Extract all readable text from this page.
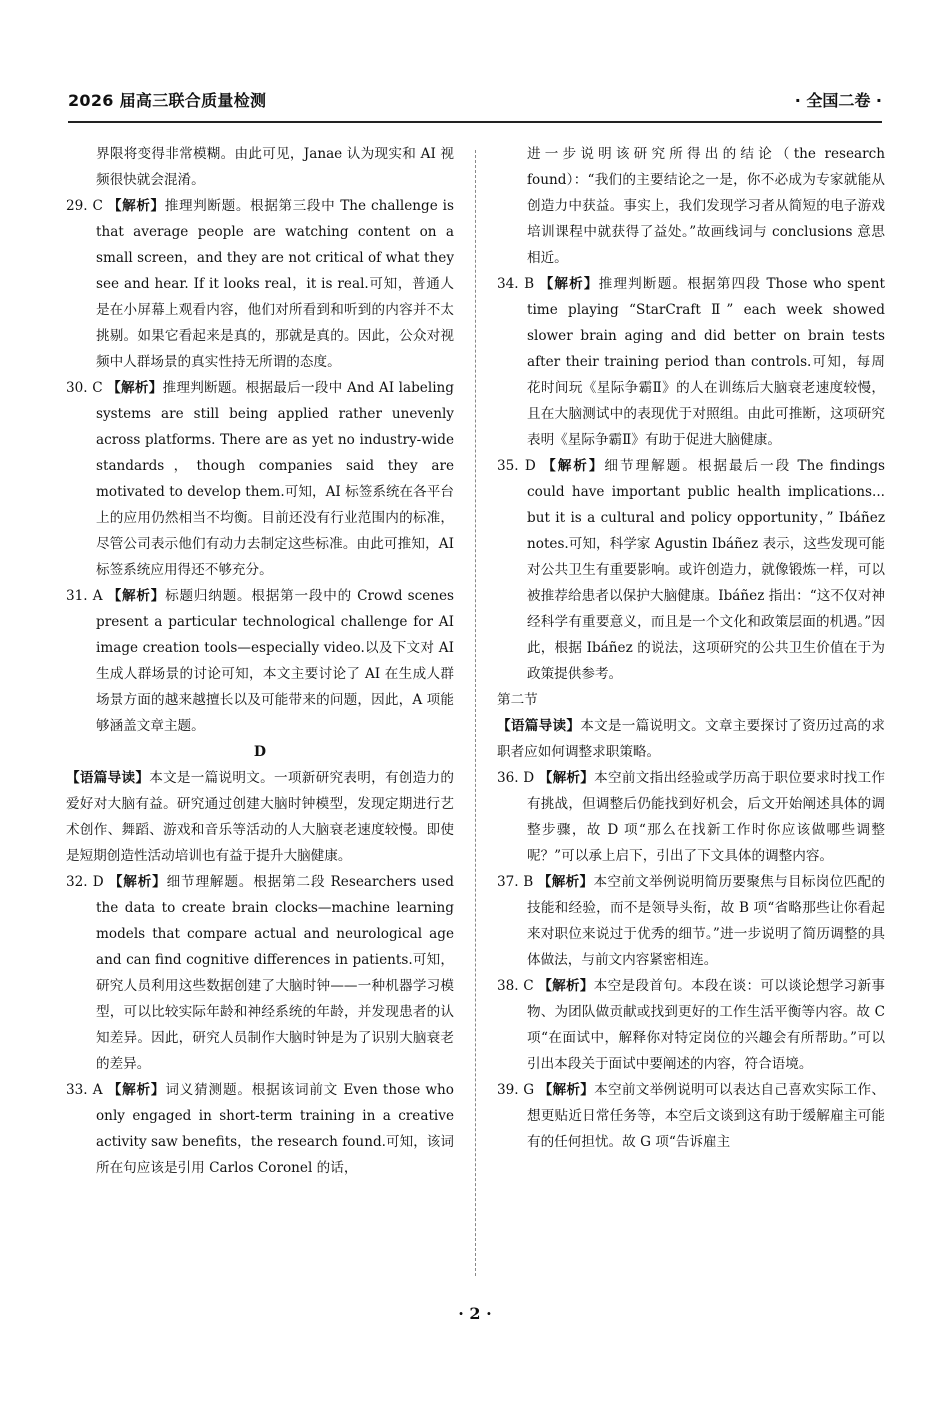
2026 届高三联合质量检测	· 全国二卷 ·

界限将变得非常模糊。由此可见，Janae 认为现实和 AI 视频很快就会混淆。

29. C 【解析】推理判断题。根据第三段中 The challenge is that average people are watching content on a small screen，and they are not critical of what they see and hear. If it looks real，it is real.可知，普通人是在小屏幕上观看内容，他们对所看到和听到的内容并不太挑剔。如果它看起来是真的，那就是真的。因此，公众对视频中人群场景的真实性持无所谓的态度。

30. C 【解析】推理判断题。根据最后一段中 And AI labeling systems are still being applied rather unevenly across platforms. There are as yet no industry-wide standards，though companies said they are motivated to develop them.可知，AI 标签系统在各平台上的应用仍然相当不均衡。目前还没有行业范围内的标准，尽管公司表示他们有动力去制定这些标准。由此可推知，AI 标签系统应用得还不够充分。

31. A 【解析】标题归纳题。根据第一段中的 Crowd scenes present a particular technological challenge for AI image creation tools—especially video.以及下文对 AI 生成人群场景的讨论可知，本文主要讨论了 AI 在生成人群场景方面的越来越擅长以及可能带来的问题，因此，A 项能够涵盖文章主题。

D

【语篇导读】本文是一篇说明文。一项新研究表明，有创造力的爱好对大脑有益。研究通过创建大脑时钟模型，发现定期进行艺术创作、舞蹈、游戏和音乐等活动的人大脑衰老速度较慢。即使是短期创造性活动培训也有益于提升大脑健康。

32. D 【解析】细节理解题。根据第二段 Researchers used the data to create brain clocks—machine learning models that compare actual and neurological age and can find cognitive differences in patients.可知，研究人员利用这些数据创建了大脑时钟——一种机器学习模型，可以比较实际年龄和神经系统的年龄，并发现患者的认知差异。因此，研究人员制作大脑时钟是为了识别大脑衰老的差异。

33. A 【解析】词义猜测题。根据该词前文 Even those who only engaged in short-term training in a creative activity saw benefits，the research found.可知，该词所在句应该是引用 Carlos Coronel 的话，

进一步说明该研究所得出的结论（the research found）：“我们的主要结论之一是，你不必成为专家就能从创造力中获益。事实上，我们发现学习者从简短的电子游戏培训课程中就获得了益处。”故画线词与 conclusions 意思相近。

34. B 【解析】推理判断题。根据第四段 Those who spent time playing “StarCraft Ⅱ” each week showed slower brain aging and did better on brain tests after their training period than controls.可知，每周花时间玩《星际争霸Ⅱ》的人在训练后大脑衰老速度较慢，且在大脑测试中的表现优于对照组。由此可推断，这项研究表明《星际争霸Ⅱ》有助于促进大脑健康。

35. D 【解析】细节理解题。根据最后一段 The findings could have important public health implications... but it is a cultural and policy opportunity，” Ibáñez notes.可知，科学家 Agustin Ibáñez 表示，这些发现可能对公共卫生有重要影响。或许创造力，就像锻炼一样，可以被推荐给患者以保护大脑健康。Ibáñez 指出：“这不仅对神经科学有重要意义，而且是一个文化和政策层面的机遇。”因此，根据 Ibáñez 的说法，这项研究的公共卫生价值在于为政策提供参考。

第二节

【语篇导读】本文是一篇说明文。文章主要探讨了资历过高的求职者应如何调整求职策略。

36. D 【解析】本空前文指出经验或学历高于职位要求时找工作有挑战，但调整后仍能找到好机会，后文开始阐述具体的调整步骤，故 D 项“那么在找新工作时你应该做哪些调整呢？”可以承上启下，引出了下文具体的调整内容。

37. B 【解析】本空前文举例说明简历要聚焦与目标岗位匹配的技能和经验，而不是领导头衔，故 B 项“省略那些让你看起来对职位来说过于优秀的细节。”进一步说明了简历调整的具体做法，与前文内容紧密相连。

38. C 【解析】本空是段首句。本段在谈：可以谈论想学习新事物、为团队做贡献或找到更好的工作生活平衡等内容。故 C 项“在面试中，解释你对特定岗位的兴趣会有所帮助。”可以引出本段关于面试中要阐述的内容，符合语境。

39. G 【解析】本空前文举例说明可以表达自己喜欢实际工作、想更贴近日常任务等，本空后文谈到这有助于缓解雇主可能有的任何担忧。故 G 项“告诉雇主

· 2 ·
